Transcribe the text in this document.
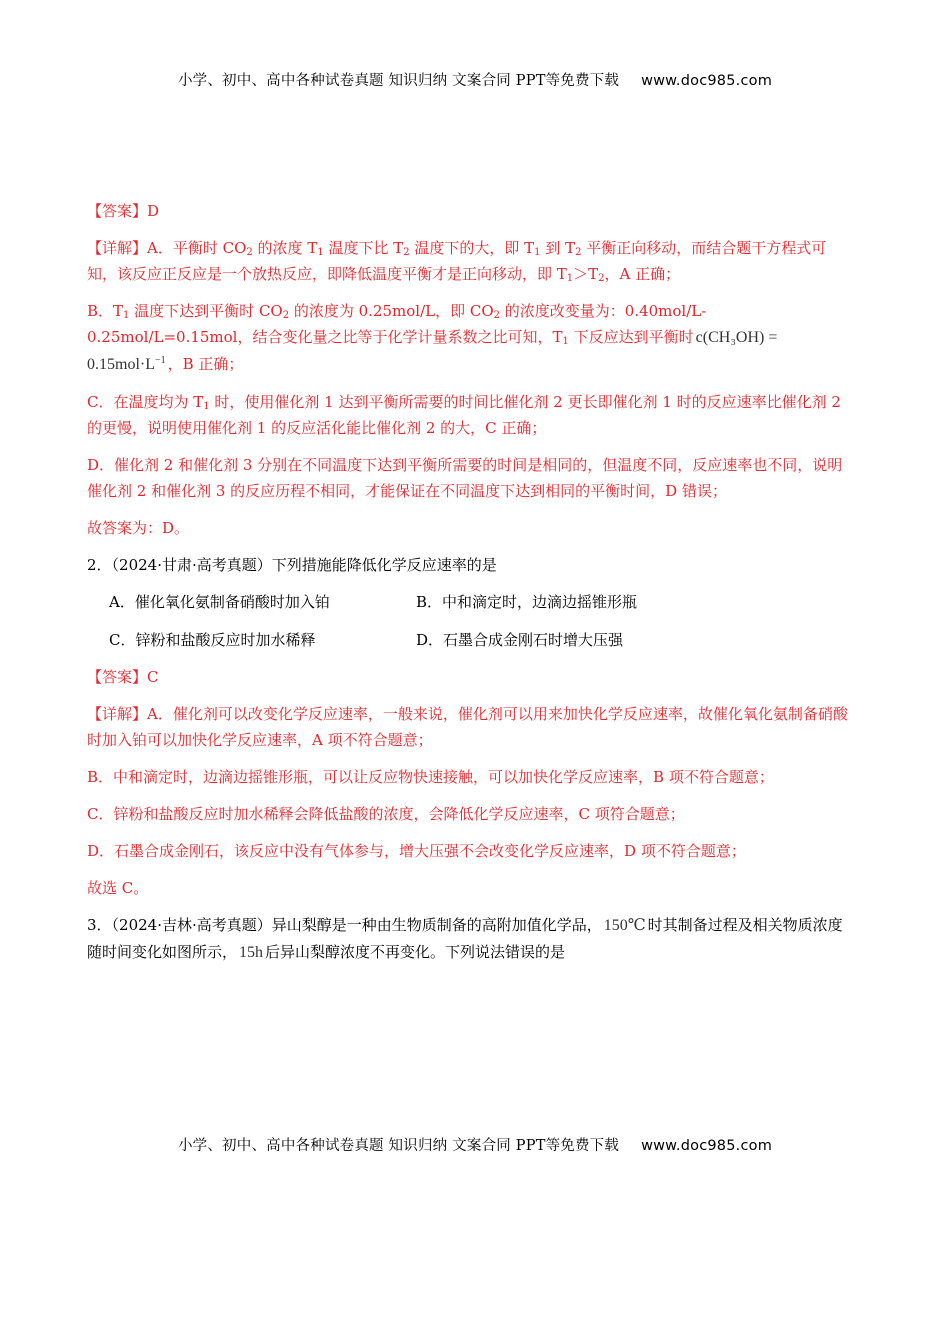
小学、初中、高中各种试卷真题 知识归纳 文案合同 PPT等免费下载 www.doc985.com

【答案】D

【详解】A．平衡时 $CO_2$ 的浓度 $T_1$ 温度下比 $T_2$ 温度下的大，即 $T_1$ 到 $T_2$ 平衡正向移动，而结合题干方程式可知，该反应正反应是一个放热反应，即降低温度平衡才是正向移动，即 $T_1>T_2$，A 正确；

B．$T_1$ 温度下达到平衡时 $CO_2$ 的浓度为 0.25mol/L，即 $CO_2$ 的浓度改变量为：0.40mol/L-0.25mol/L=0.15mol，结合变化量之比等于化学计量系数之比可知，$T_1$ 下反应达到平衡时 $c(CH_3OH) = 0.15mol\cdot L^{-1}$ ，B 正确；

C．在温度均为 $T_1$ 时，使用催化剂 1 达到平衡所需要的时间比催化剂 2 更长即催化剂 1 时的反应速率比催化剂 2 的更慢，说明使用催化剂 1 的反应活化能比催化剂 2 的大，C 正确；

D．催化剂 2 和催化剂 3 分别在不同温度下达到平衡所需要的时间是相同的，但温度不同，反应速率也不同，说明催化剂 2 和催化剂 3 的反应历程不相同，才能保证在不同温度下达到相同的平衡时间，D 错误；

故答案为：D。

2．（2024·甘肃·高考真题）下列措施能降低化学反应速率的是

A．催化氧化氨制备硝酸时加入铂	B．中和滴定时，边滴边摇锥形瓶
C．锌粉和盐酸反应时加水稀释	D．石墨合成金刚石时增大压强

【答案】C

【详解】A．催化剂可以改变化学反应速率，一般来说，催化剂可以用来加快化学反应速率，故催化氧化氨制备硝酸时加入铂可以加快化学反应速率，A 项不符合题意；

B．中和滴定时，边滴边摇锥形瓶，可以让反应物快速接触，可以加快化学反应速率，B 项不符合题意；

C．锌粉和盐酸反应时加水稀释会降低盐酸的浓度，会降低化学反应速率，C 项符合题意；

D．石墨合成金刚石，该反应中没有气体参与，增大压强不会改变化学反应速率，D 项不符合题意；

故选 C。

3．（2024·吉林·高考真题）异山梨醇是一种由生物质制备的高附加值化学品， 150℃ 时其制备过程及相关物质浓度随时间变化如图所示， 15h 后异山梨醇浓度不再变化。下列说法错误的是

小学、初中、高中各种试卷真题 知识归纳 文案合同 PPT等免费下载 www.doc985.com
